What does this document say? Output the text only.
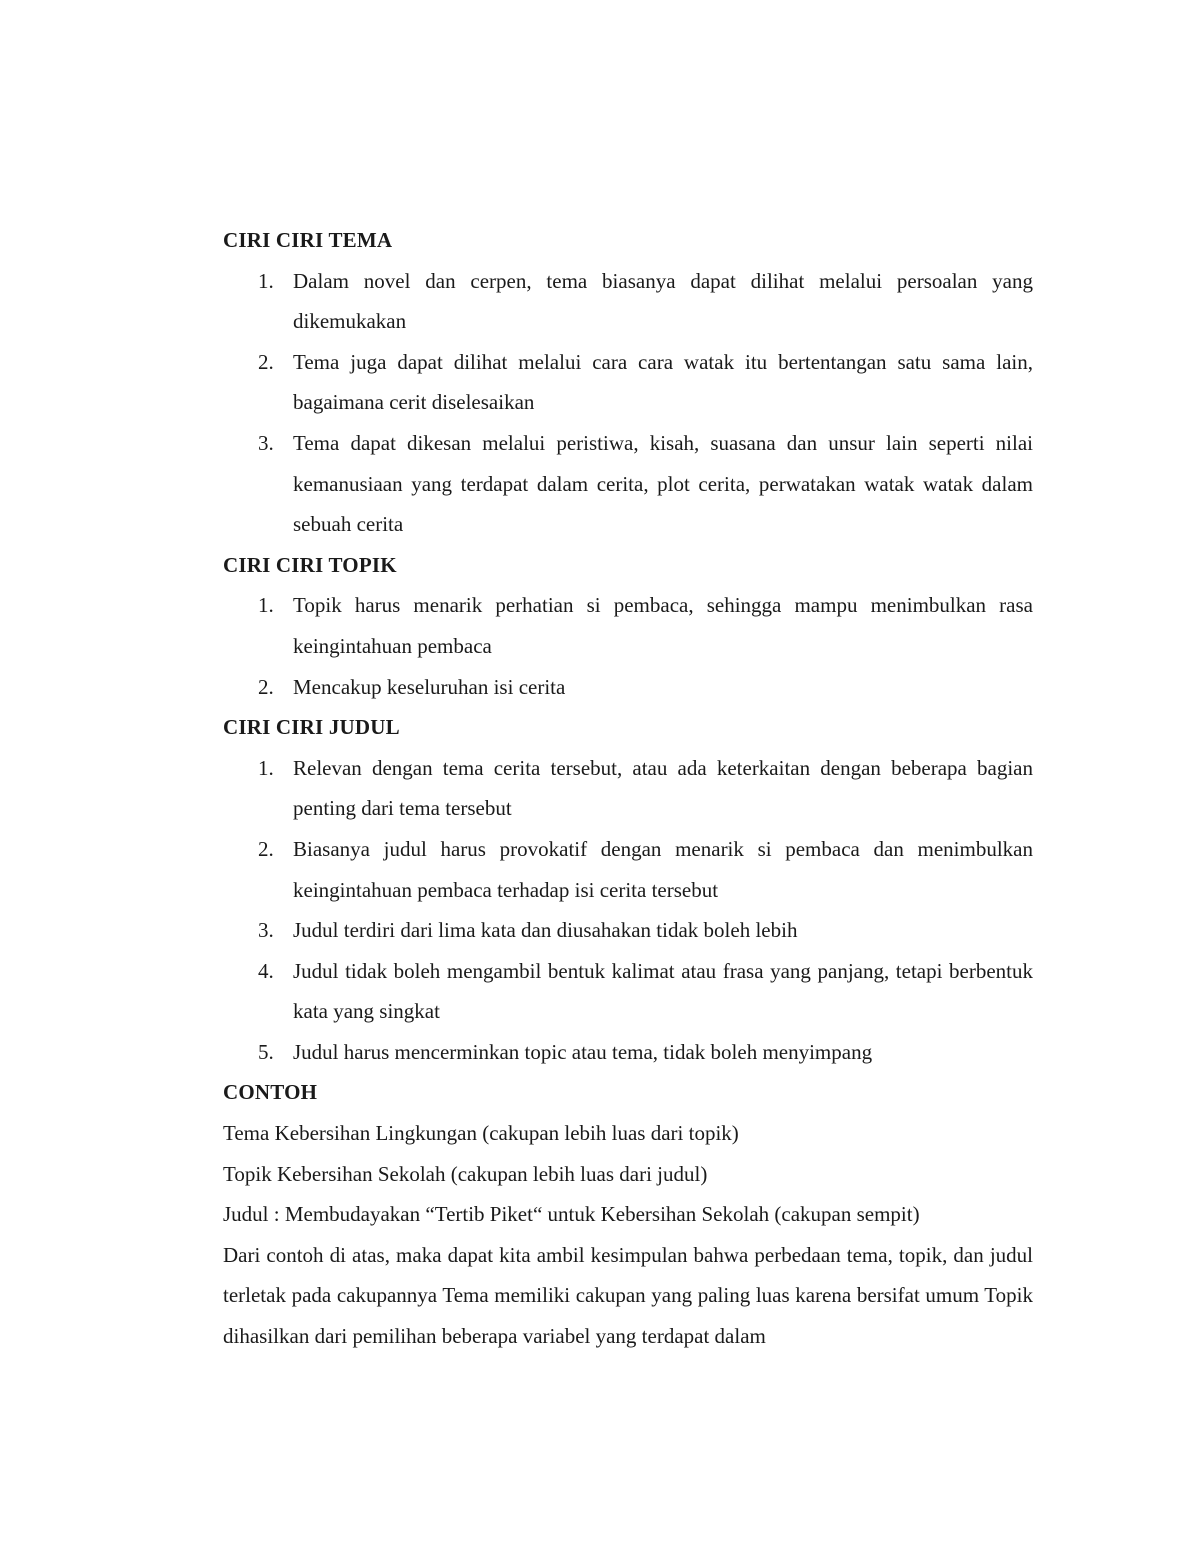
CIRI CIRI TEMA
1. Dalam novel dan cerpen, tema biasanya dapat dilihat melalui persoalan yang dikemukakan
2. Tema juga dapat dilihat melalui cara cara watak itu bertentangan satu sama lain, bagaimana cerit diselesaikan
3. Tema dapat dikesan melalui peristiwa, kisah, suasana dan unsur lain seperti nilai kemanusiaan yang terdapat dalam cerita, plot cerita, perwatakan watak watak dalam sebuah cerita
CIRI CIRI TOPIK
1. Topik harus menarik perhatian si pembaca, sehingga mampu menimbulkan rasa keingintahuan pembaca
2. Mencakup keseluruhan isi cerita
CIRI CIRI JUDUL
1. Relevan dengan tema cerita tersebut, atau ada keterkaitan dengan beberapa bagian penting dari tema tersebut
2. Biasanya judul harus provokatif dengan menarik si pembaca dan menimbulkan keingintahuan pembaca terhadap isi cerita tersebut
3. Judul terdiri dari lima kata dan diusahakan tidak boleh lebih
4. Judul tidak boleh mengambil bentuk kalimat atau frasa yang panjang, tetapi berbentuk kata yang singkat
5. Judul harus mencerminkan topic atau tema, tidak boleh menyimpang
CONTOH
Tema Kebersihan Lingkungan (cakupan lebih luas dari topik)
Topik Kebersihan Sekolah (cakupan lebih luas dari judul)
Judul : Membudayakan “Tertib Piket“ untuk Kebersihan Sekolah (cakupan sempit)
Dari contoh di atas, maka dapat kita ambil kesimpulan bahwa perbedaan tema, topik, dan judul terletak pada cakupannya Tema memiliki cakupan yang paling luas karena bersifat umum Topik dihasilkan dari pemilihan beberapa variabel yang terdapat dalam
